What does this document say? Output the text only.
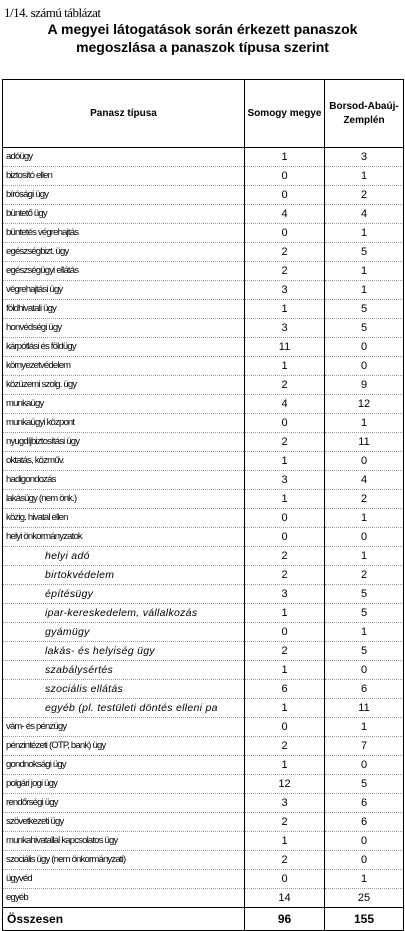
1/14. számú táblázat
A megyei látogatások során érkezett panaszok
megoszlása a panaszok típusa szerint
Panasz típusa	Somogy megye	Borsod-Abaúj-Zemplén
adóügy	1	3
biztosító ellen	0	1
bírósági ügy	0	2
büntető ügy	4	4
büntetés végrehajtás	0	1
egészségbizt. ügy	2	5
egészségügyi ellátás	2	1
végrehajtási ügy	3	1
földhivatali ügy	1	5
honvédségi ügy	3	5
kárpótlási és földügy	11	0
környezetvédelem	1	0
közüzemi szolg. ügy	2	9
munkaügy	4	12
munkaügyi központ	0	1
nyugdíjbiztosítási ügy	2	11
oktatás, közműv.	1	0
hadigondozás	3	4
lakásügy (nem önk.)	1	2
közig. hivatal ellen	0	1
helyi önkormányzatok	0	0
helyi adó	2	1
birtokvédelem	2	2
építésügy	3	5
ipar-kereskedelem, vállalkozás	1	5
gyámügy	0	1
lakás- és helyiség ügy	2	5
szabálysértés	1	0
szociális ellátás	6	6
egyéb (pl. testületi döntés elleni pa	1	11
vám- és pénzügy	0	1
pénzintézeti (OTP, bank) ügy	2	7
gondnoksági ügy	1	0
polgári jogi ügy	12	5
rendőrségi ügy	3	6
szövetkezeti ügy	2	6
munkahivatallal kapcsolatos ügy	1	0
szociális ügy (nem önkormányzati)	2	0
ügyvéd	0	1
egyéb	14	25
Összesen	96	155
